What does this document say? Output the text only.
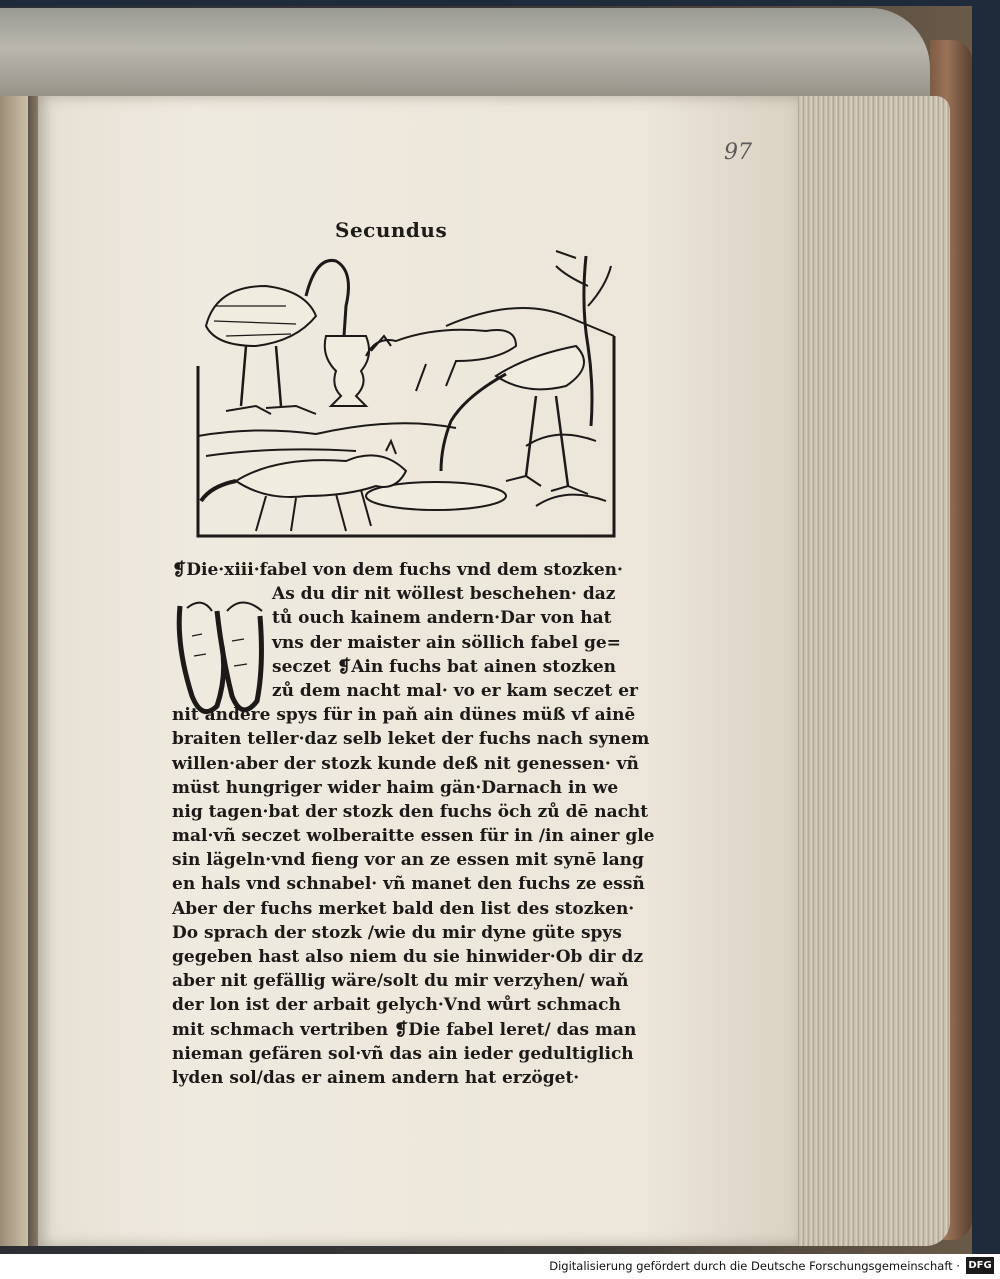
97
Secundus
❡Die·xiii·fabel von dem fuchs vnd dem stozken·
As du dir nit wöllest beschehen· daz
tů ouch kainem andern·Dar von hat
vns der maister ain söllich fabel ge=
seczet ❡Ain fuchs bat ainen stozken
zů dem nacht mal· vo er kam seczet er
nit andere spys für in paň ain dünes müß vf ainē
braiten teller·daz selb leket der fuchs nach synem
willen·aber der stozk kunde deß nit genessen· vñ
müst hungriger wider haim gän·Darnach in we
nig tagen·bat der stozk den fuchs öch zů dē nacht
mal·vñ seczet wolberaitte essen für in /in ainer gle
sin lägeln·vnd fieng vor an ze essen mit synē lang
en hals vnd schnabel· vñ manet den fuchs ze essñ
Aber der fuchs merket bald den list des stozken·
Do sprach der stozk /wie du mir dyne güte spys
gegeben hast also niem du sie hinwider·Ob dir dz
aber nit gefällig wäre/solt du mir verzyhen/ waň
der lon ist der arbait gelych·Vnd wůrt schmach
mit schmach vertriben ❡Die fabel leret/ das man
nieman gefären sol·vñ das ain ieder gedultiglich
lyden sol/das er ainem andern hat erzöget·
Digitalisierung gefördert durch die Deutsche Forschungsgemeinschaft · DFG
